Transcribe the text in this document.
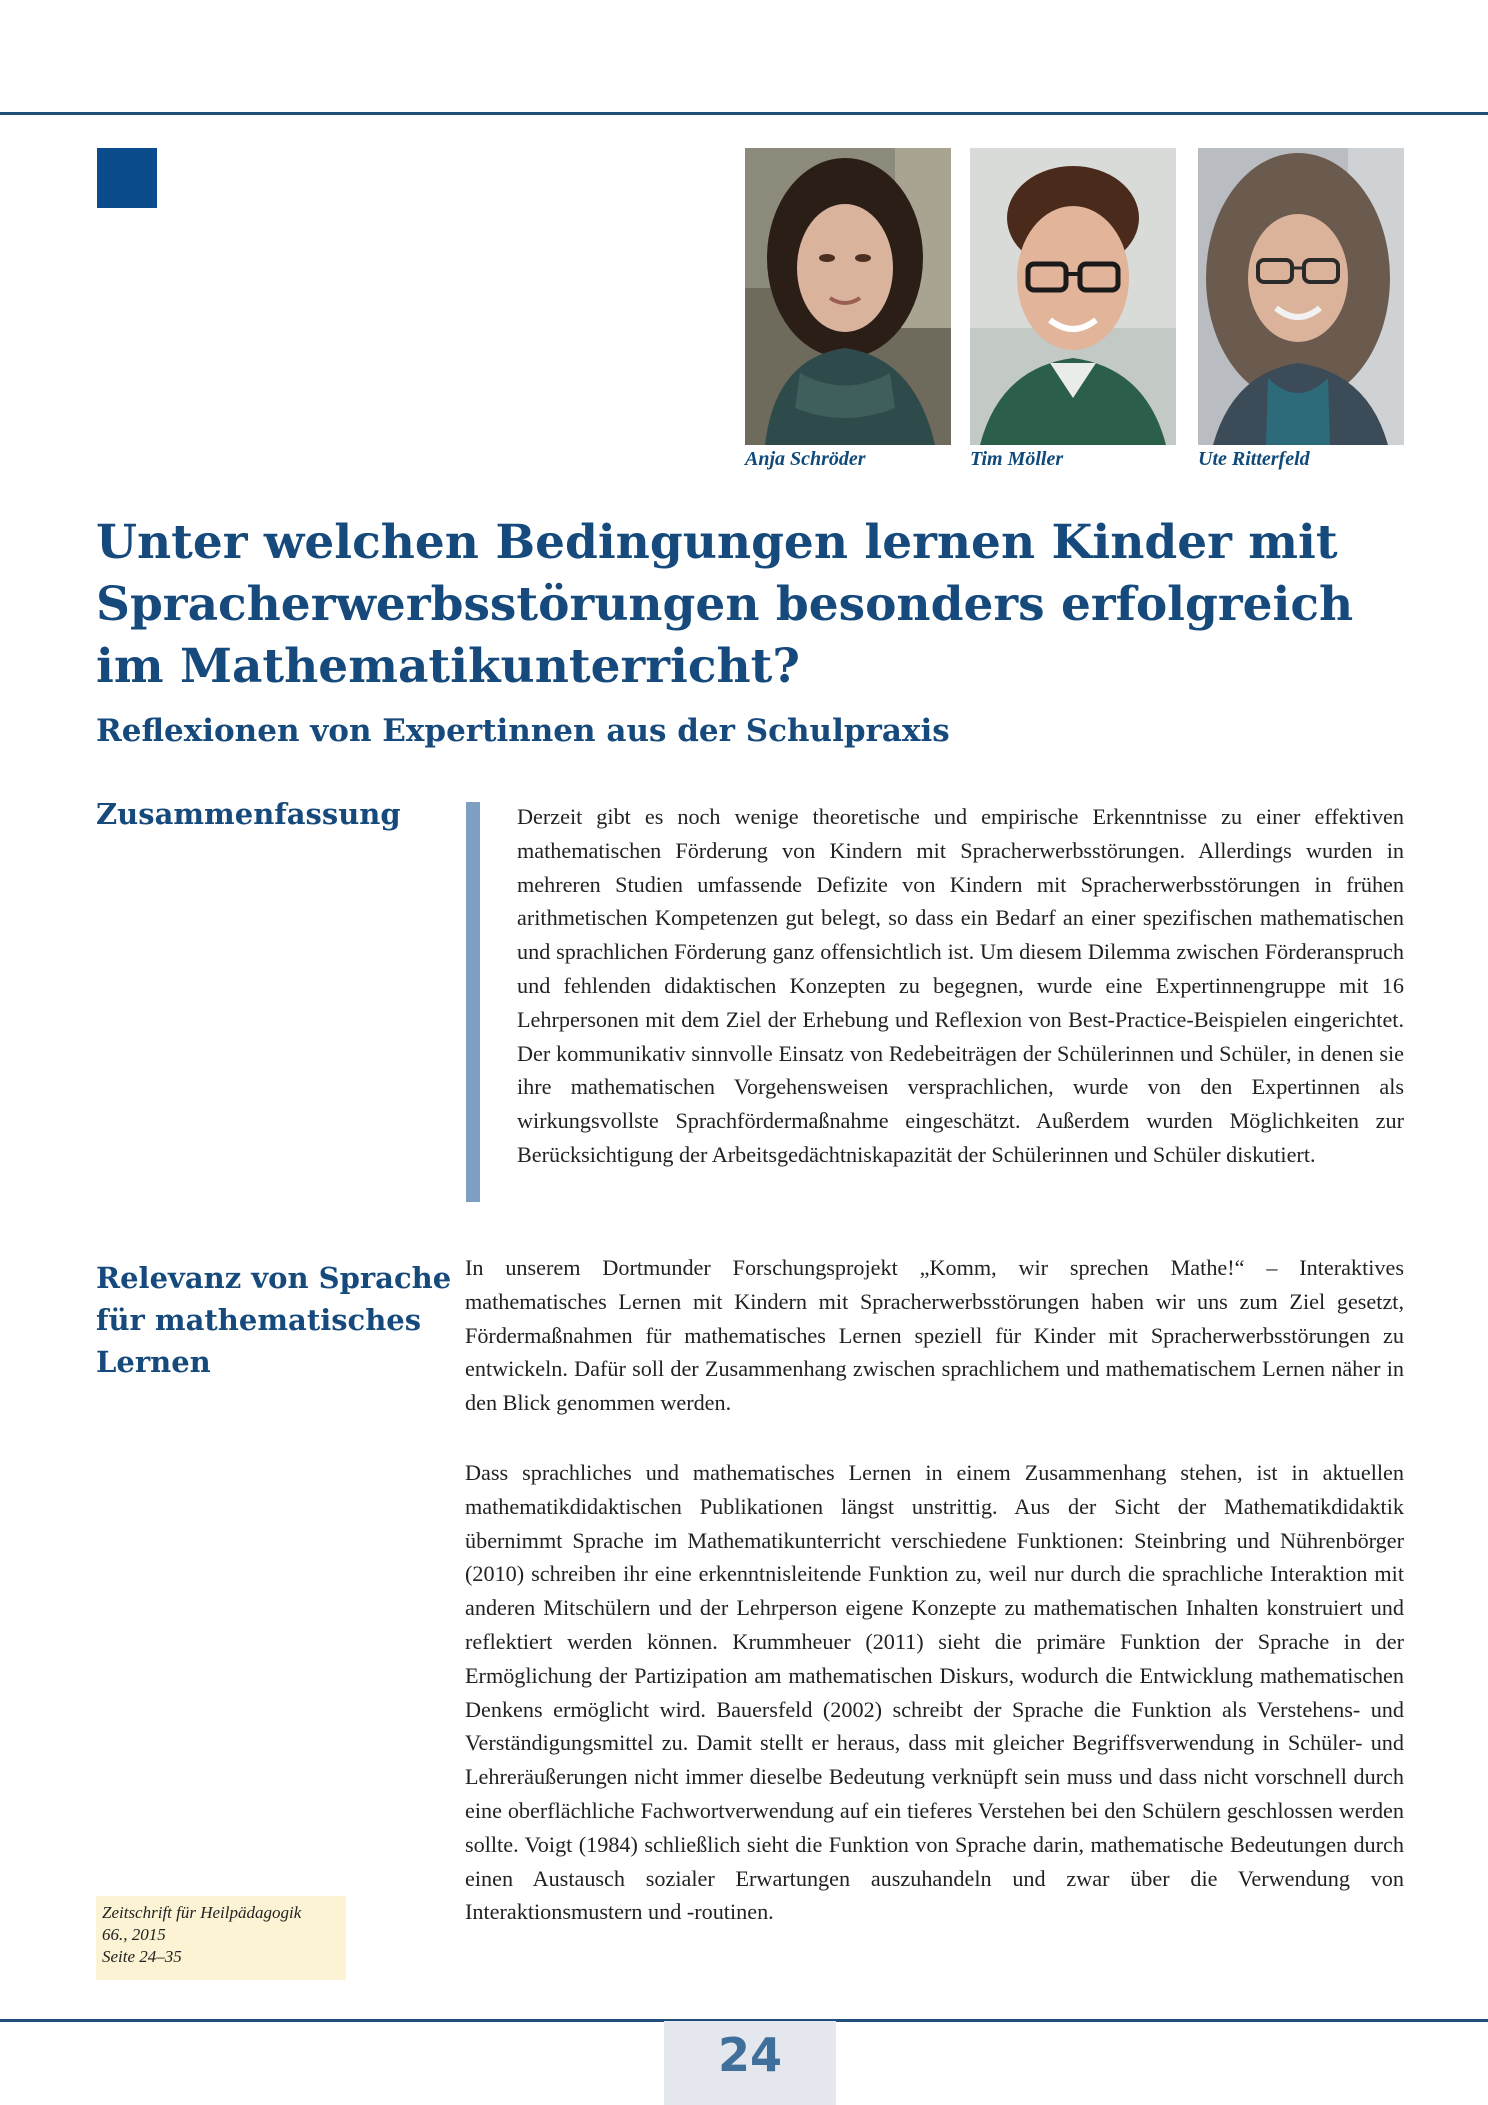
Anja Schröder	Tim Möller	Ute Ritterfeld
Unter welchen Bedingungen lernen Kinder mit Spracherwerbsstörungen besonders erfolgreich im Mathematikunterricht?
Reflexionen von Expertinnen aus der Schulpraxis
Zusammenfassung	Derzeit gibt es noch wenige theoretische und empirische Erkenntnisse zu einer effektiven mathematischen Förderung von Kindern mit Spracherwerbsstörungen. Allerdings wurden in mehreren Studien umfassende Defizite von Kindern mit Spracherwerbsstörungen in frühen arithmetischen Kompetenzen gut belegt, so dass ein Bedarf an einer spezifischen mathematischen und sprachlichen Förderung ganz offensichtlich ist. Um diesem Dilemma zwischen Förderanspruch und fehlenden didaktischen Konzepten zu begegnen, wurde eine Expertinnengruppe mit 16 Lehrpersonen mit dem Ziel der Erhebung und Reflexion von Best-Practice-Beispielen eingerichtet. Der kommunikativ sinnvolle Einsatz von Redebeiträgen der Schülerinnen und Schüler, in denen sie ihre mathematischen Vorgehensweisen versprachlichen, wurde von den Expertinnen als wirkungsvollste Sprachfördermaßnahme eingeschätzt. Außerdem wurden Möglichkeiten zur Berücksichtigung der Arbeitsgedächtniskapazität der Schülerinnen und Schüler diskutiert.

Relevanz von Sprache für mathematisches Lernen

In unserem Dortmunder Forschungsprojekt „Komm, wir sprechen Mathe!“ – Interaktives mathematisches Lernen mit Kindern mit Spracherwerbsstörungen haben wir uns zum Ziel gesetzt, Fördermaßnahmen für mathematisches Lernen speziell für Kinder mit Spracherwerbsstörungen zu entwickeln. Dafür soll der Zusammenhang zwischen sprachlichem und mathematischem Lernen näher in den Blick genommen werden.

Dass sprachliches und mathematisches Lernen in einem Zusammenhang stehen, ist in aktuellen mathematikdidaktischen Publikationen längst unstrittig. Aus der Sicht der Mathematikdidaktik übernimmt Sprache im Mathematikunterricht verschiedene Funktionen: Steinbring und Nührenbörger (2010) schreiben ihr eine erkenntnisleitende Funktion zu, weil nur durch die sprachliche Interaktion mit anderen Mitschülern und der Lehrperson eigene Konzepte zu mathematischen Inhalten konstruiert und reflektiert werden können. Krummheuer (2011) sieht die primäre Funktion der Sprache in der Ermöglichung der Partizipation am mathematischen Diskurs, wodurch die Entwicklung mathematischen Denkens ermöglicht wird. Bauersfeld (2002) schreibt der Sprache die Funktion als Verstehens- und Verständigungsmittel zu. Damit stellt er heraus, dass mit gleicher Begriffsverwendung in Schüler- und Lehreräußerungen nicht immer dieselbe Bedeutung verknüpft sein muss und dass nicht vorschnell durch eine oberflächliche Fachwortverwendung auf ein tieferes Verstehen bei den Schülern geschlossen werden sollte. Voigt (1984) schließlich sieht die Funktion von Sprache darin, mathematische Bedeutungen durch einen Austausch sozialer Erwartungen auszuhandeln und zwar über die Verwendung von Interaktionsmustern und -routinen.

Zeitschrift für Heilpädagogik
66., 2015
Seite 24–35
24
